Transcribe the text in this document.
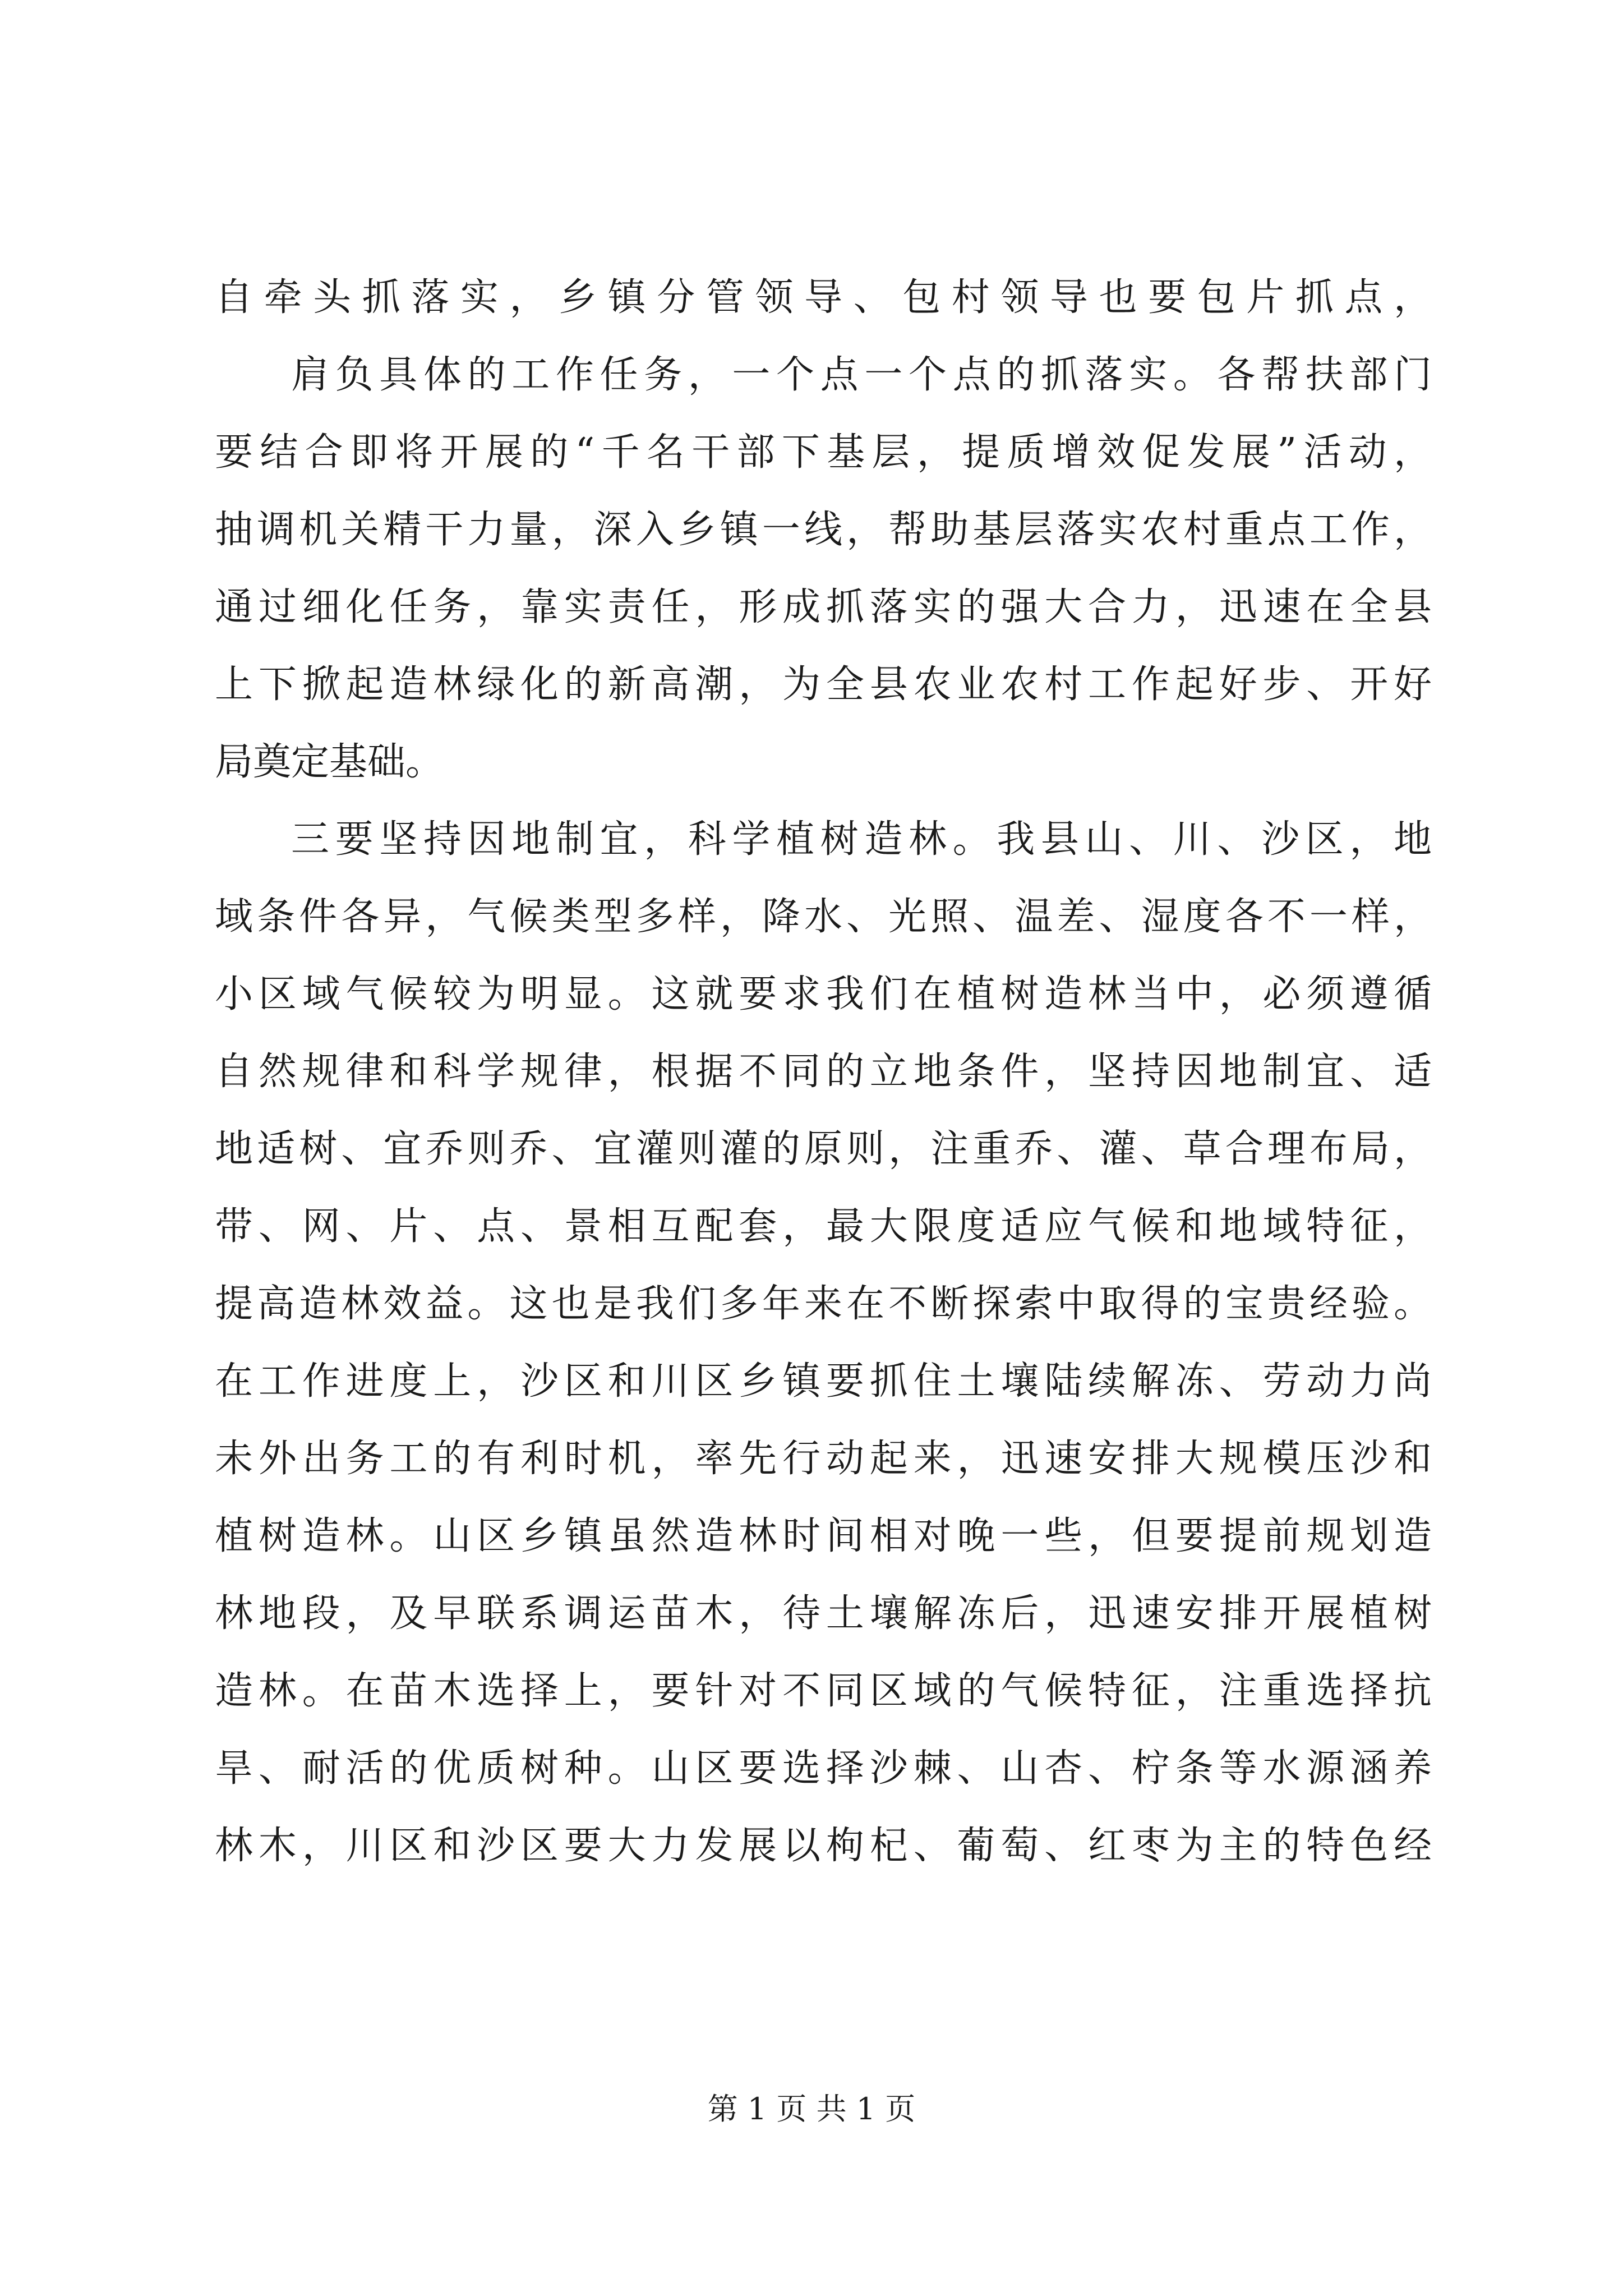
自牵头抓落实，乡镇分管领导、包村领导也要包片抓点，
肩负具体的工作任务，一个点一个点的抓落实。各帮扶部门
要结合即将开展的“千名干部下基层，提质增效促发展”活动，
抽调机关精干力量，深入乡镇一线，帮助基层落实农村重点工作，
通过细化任务，靠实责任，形成抓落实的强大合力，迅速在全县
上下掀起造林绿化的新高潮，为全县农业农村工作起好步、开好
局奠定基础。
三要坚持因地制宜，科学植树造林。我县山、川、沙区，地
域条件各异，气候类型多样，降水、光照、温差、湿度各不一样，
小区域气候较为明显。这就要求我们在植树造林当中，必须遵循
自然规律和科学规律，根据不同的立地条件，坚持因地制宜、适
地适树、宜乔则乔、宜灌则灌的原则，注重乔、灌、草合理布局，
带、网、片、点、景相互配套，最大限度适应气候和地域特征，
提高造林效益。这也是我们多年来在不断探索中取得的宝贵经验。
在工作进度上，沙区和川区乡镇要抓住土壤陆续解冻、劳动力尚
未外出务工的有利时机，率先行动起来，迅速安排大规模压沙和
植树造林。山区乡镇虽然造林时间相对晚一些，但要提前规划造
林地段，及早联系调运苗木，待土壤解冻后，迅速安排开展植树
造林。在苗木选择上，要针对不同区域的气候特征，注重选择抗
旱、耐活的优质树种。山区要选择沙棘、山杏、柠条等水源涵养
林木，川区和沙区要大力发展以枸杞、葡萄、红枣为主的特色经
第 1 页 共 1 页
